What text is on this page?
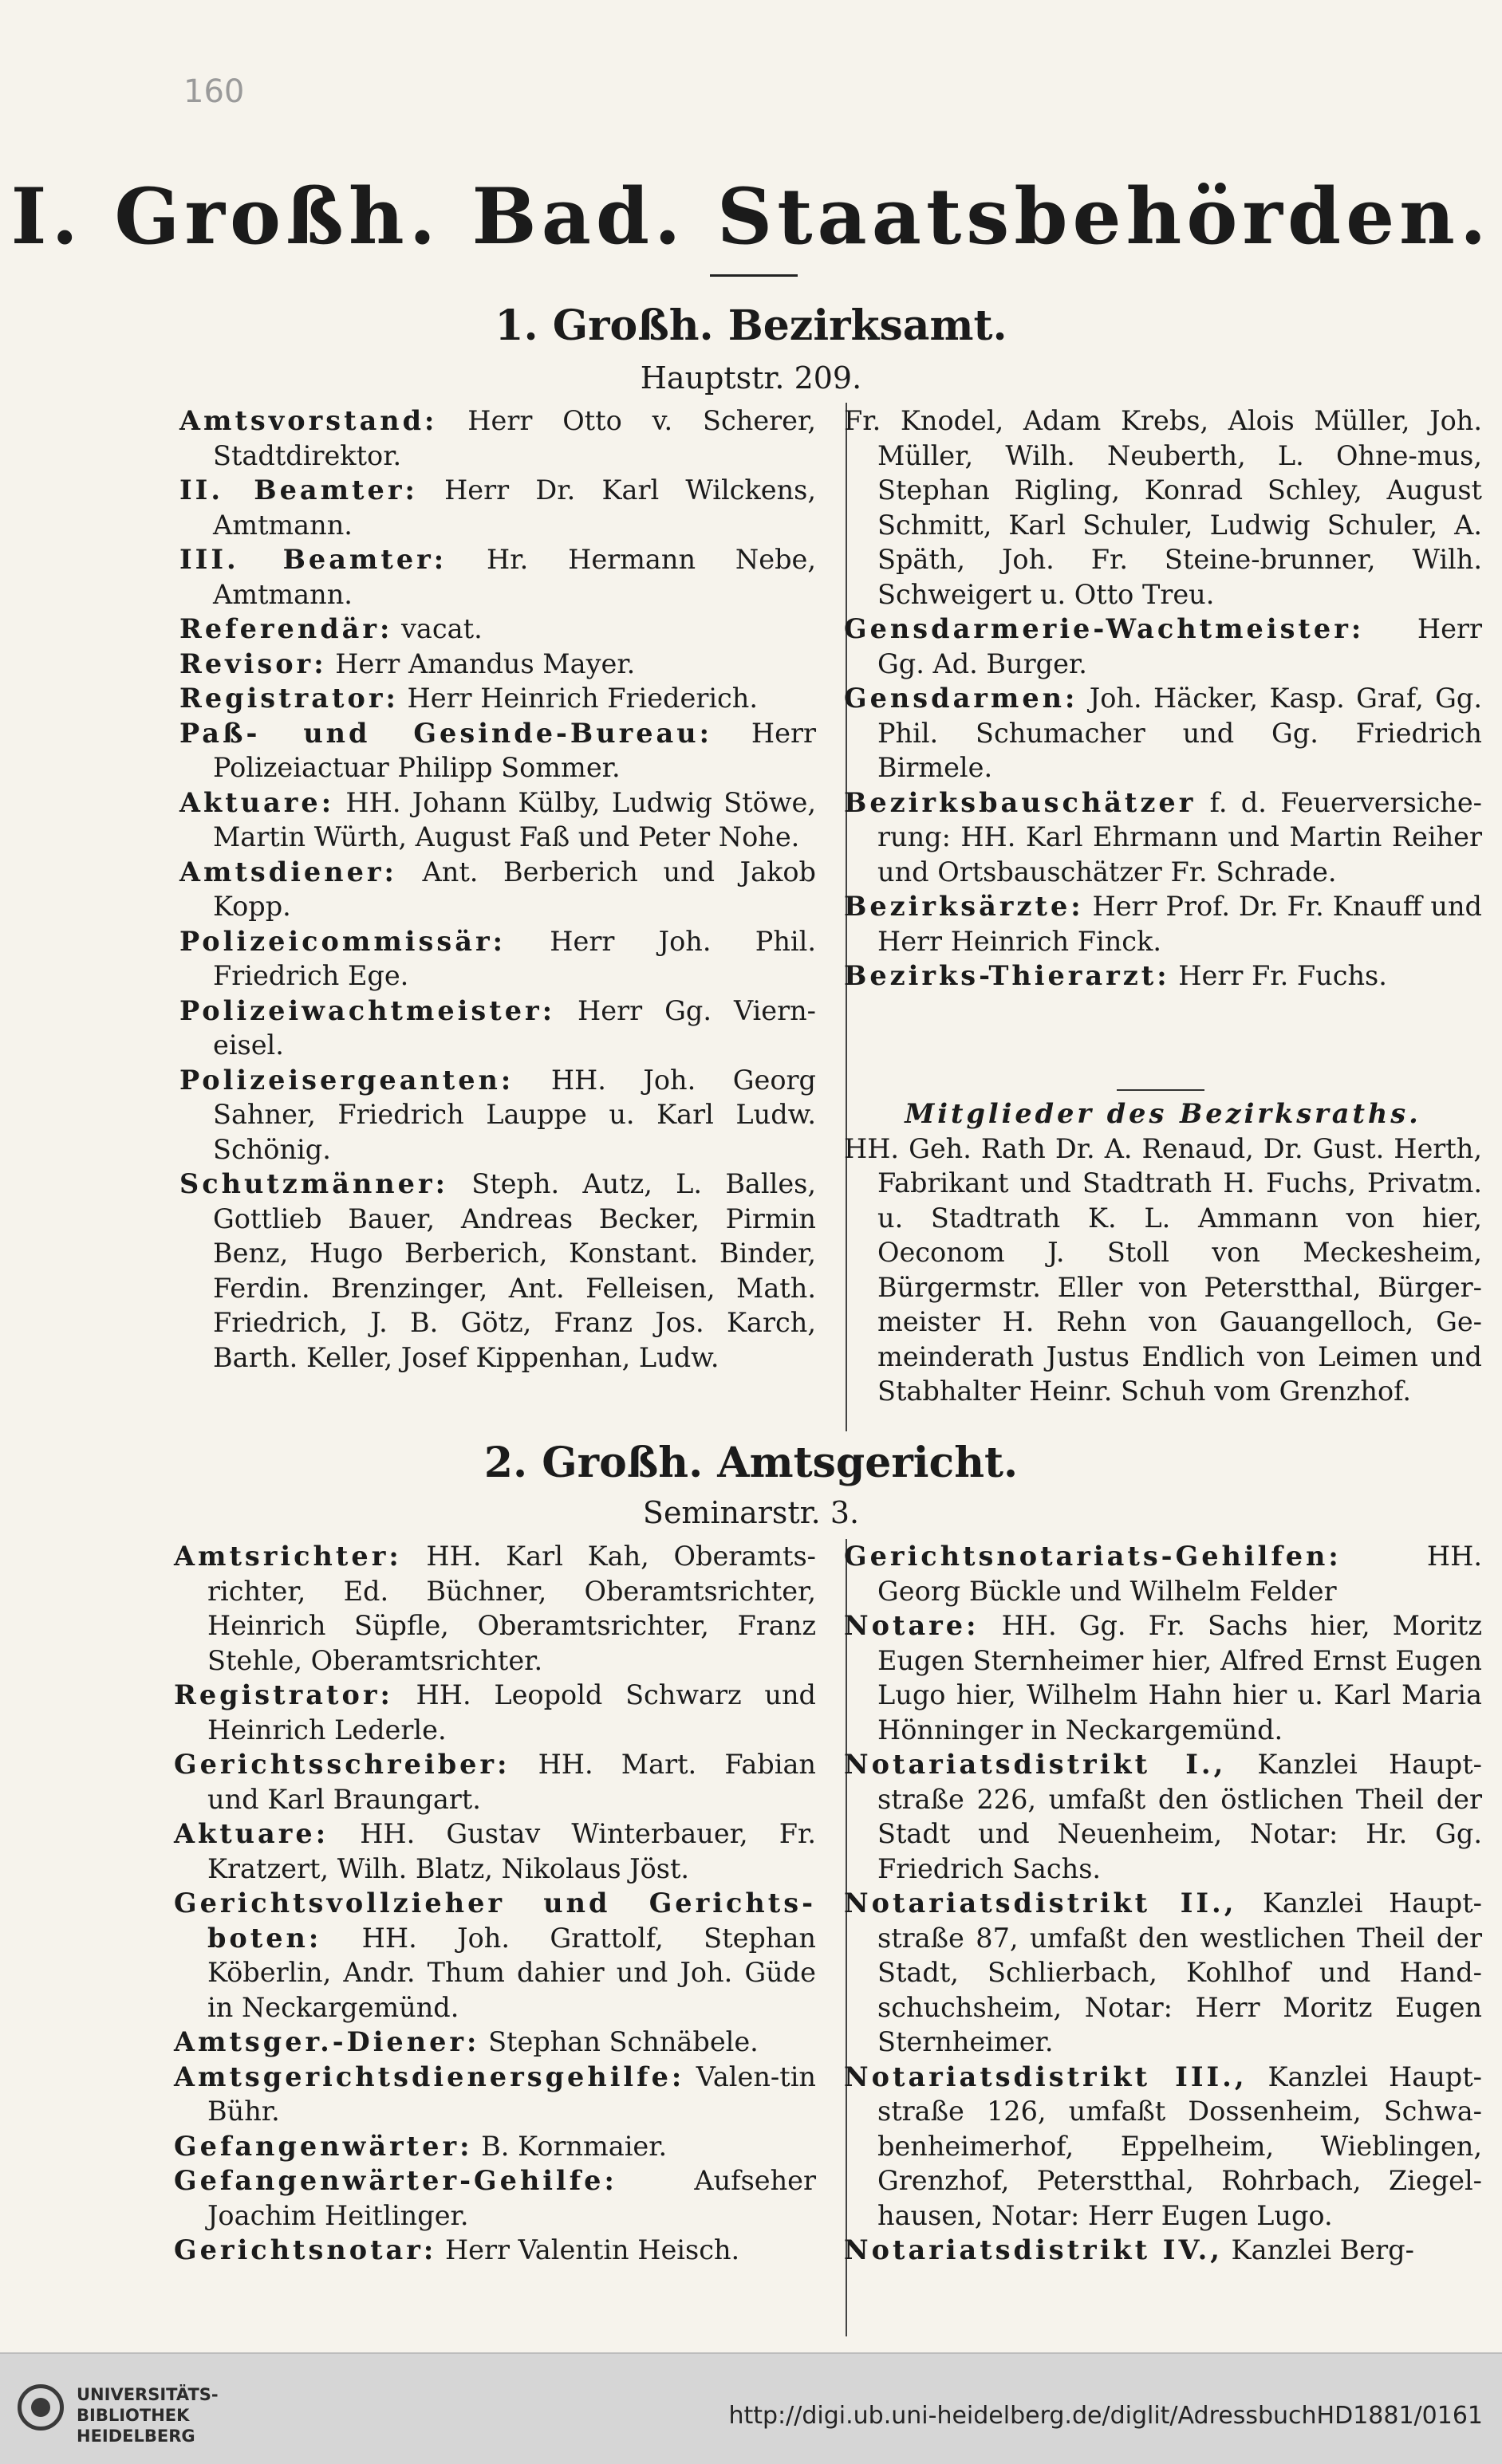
160
I. Großh. Bad. Staatsbehörden.
1. Großh. Bezirksamt.
Hauptstr. 209.

Amtsvorstand: Herr Otto v. Scherer, Stadtdirektor.

II. Beamter: Herr Dr. Karl Wilckens, Amtmann.

III. Beamter: Hr. Hermann Nebe, Amtmann.

Referendär: vacat.

Revisor: Herr Amandus Mayer.

Registrator: Herr Heinrich Friederich.

Paß- und Gesinde-Bureau: Herr Polizeiactuar Philipp Sommer.

Aktuare: HH. Johann Külby, Ludwig Stöwe, Martin Würth, August Faß und Peter Nohe.

Amtsdiener: Ant. Berberich und Jakob Kopp.

Polizeicommissär: Herr Joh. Phil. Friedrich Ege.

Polizeiwachtmeister: Herr Gg. Viern-eisel.

Polizeisergeanten: HH. Joh. Georg Sahner, Friedrich Lauppe u. Karl Ludw. Schönig.

Schutzmänner: Steph. Autz, L. Balles, Gottlieb Bauer, Andreas Becker, Pirmin Benz, Hugo Berberich, Konstant. Binder, Ferdin. Brenzinger, Ant. Felleisen, Math. Friedrich, J. B. Götz, Franz Jos. Karch, Barth. Keller, Josef Kippenhan, Ludw.

Fr. Knodel, Adam Krebs, Alois Müller, Joh. Müller, Wilh. Neuberth, L. Ohne-mus, Stephan Rigling, Konrad Schley, August Schmitt, Karl Schuler, Ludwig Schuler, A. Späth, Joh. Fr. Steine-brunner, Wilh. Schweigert u. Otto Treu.

Gensdarmerie-Wachtmeister: Herr Gg. Ad. Burger.

Gensdarmen: Joh. Häcker, Kasp. Graf, Gg. Phil. Schumacher und Gg. Friedrich Birmele.

Bezirksbauschätzer f. d. Feuerversiche-rung: HH. Karl Ehrmann und Martin Reiher und Ortsbauschätzer Fr. Schrade.

Bezirksärzte: Herr Prof. Dr. Fr. Knauff und Herr Heinrich Finck.

Bezirks-Thierarzt: Herr Fr. Fuchs.

Mitglieder des Bezirksraths.

HH. Geh. Rath Dr. A. Renaud, Dr. Gust. Herth, Fabrikant und Stadtrath H. Fuchs, Privatm. u. Stadtrath K. L. Ammann von hier, Oeconom J. Stoll von Meckesheim, Bürgermstr. Eller von Peterstthal, Bürger-meister H. Rehn von Gauangelloch, Ge-meinderath Justus Endlich von Leimen und Stabhalter Heinr. Schuh vom Grenzhof.

2. Großh. Amtsgericht.
Seminarstr. 3.

Amtsrichter: HH. Karl Kah, Oberamts-richter, Ed. Büchner, Oberamtsrichter, Heinrich Süpfle, Oberamtsrichter, Franz Stehle, Oberamtsrichter.

Registrator: HH. Leopold Schwarz und Heinrich Lederle.

Gerichtsschreiber: HH. Mart. Fabian und Karl Braungart.

Aktuare: HH. Gustav Winterbauer, Fr. Kratzert, Wilh. Blatz, Nikolaus Jöst.

Gerichtsvollzieher und Gerichts-boten: HH. Joh. Grattolf, Stephan Köberlin, Andr. Thum dahier und Joh. Güde in Neckargemünd.

Amtsger.-Diener: Stephan Schnäbele.

Amtsgerichtsdienersgehilfe: Valen-tin Bühr.

Gefangenwärter: B. Kornmaier.

Gefangenwärter-Gehilfe: Aufseher Joachim Heitlinger.

Gerichtsnotar: Herr Valentin Heisch.

Gerichtsnotariats-Gehilfen: HH. Georg Bückle und Wilhelm Felder

Notare: HH. Gg. Fr. Sachs hier, Moritz Eugen Sternheimer hier, Alfred Ernst Eugen Lugo hier, Wilhelm Hahn hier u. Karl Maria Hönninger in Neckargemünd.

Notariatsdistrikt I., Kanzlei Haupt-straße 226, umfaßt den östlichen Theil der Stadt und Neuenheim, Notar: Hr. Gg. Friedrich Sachs.

Notariatsdistrikt II., Kanzlei Haupt-straße 87, umfaßt den westlichen Theil der Stadt, Schlierbach, Kohlhof und Hand-schuchsheim, Notar: Herr Moritz Eugen Sternheimer.

Notariatsdistrikt III., Kanzlei Haupt-straße 126, umfaßt Dossenheim, Schwa-benheimerhof, Eppelheim, Wieblingen, Grenzhof, Peterstthal, Rohrbach, Ziegel-hausen, Notar: Herr Eugen Lugo.

Notariatsdistrikt IV., Kanzlei Berg-

UNIVERSITÄTS-
BIBLIOTHEK
HEIDELBERG
http://digi.ub.uni-heidelberg.de/diglit/AdressbuchHD1881/0161
